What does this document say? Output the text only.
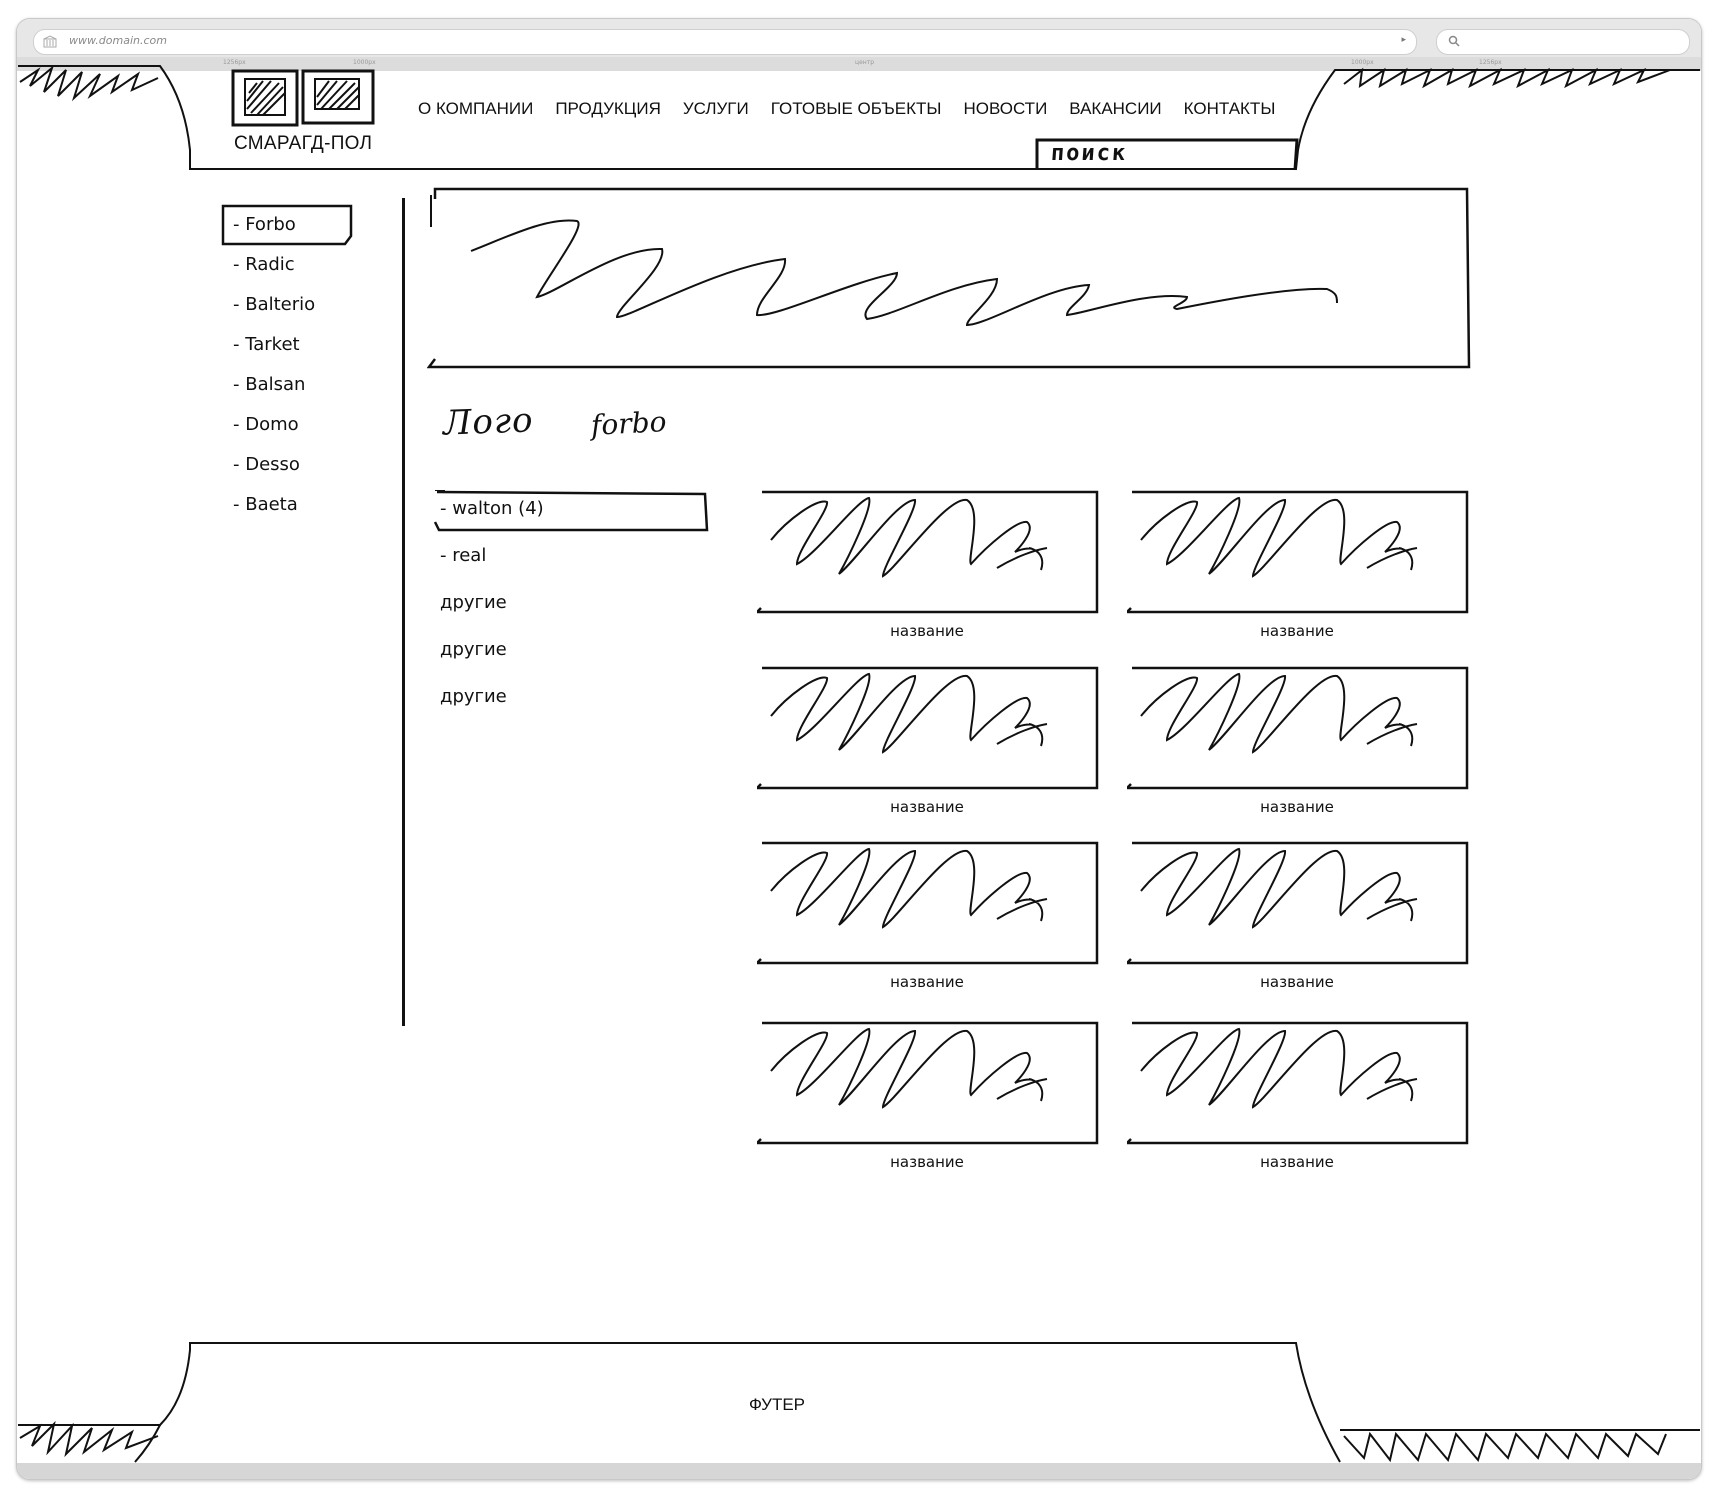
www.domain.com	▸
1256px	1000px	центр	1000px	1256px
СМАРАГД-ПОЛ
О КОМПАНИИ ПРОДУКЦИЯ УСЛУГИ ГОТОВЫЕ ОБЪЕКТЫ НОВОСТИ ВАКАНСИИ КОНТАКТЫ
поиск
- Forbo
- Radic
- Balterio
- Tarket
- Balsan
- Domo
- Desso
- Baeta
Лого forbo
- walton (4)
- real
другие
другие
другие
название	название
название	название
название	название
название	название
ФУТЕР
